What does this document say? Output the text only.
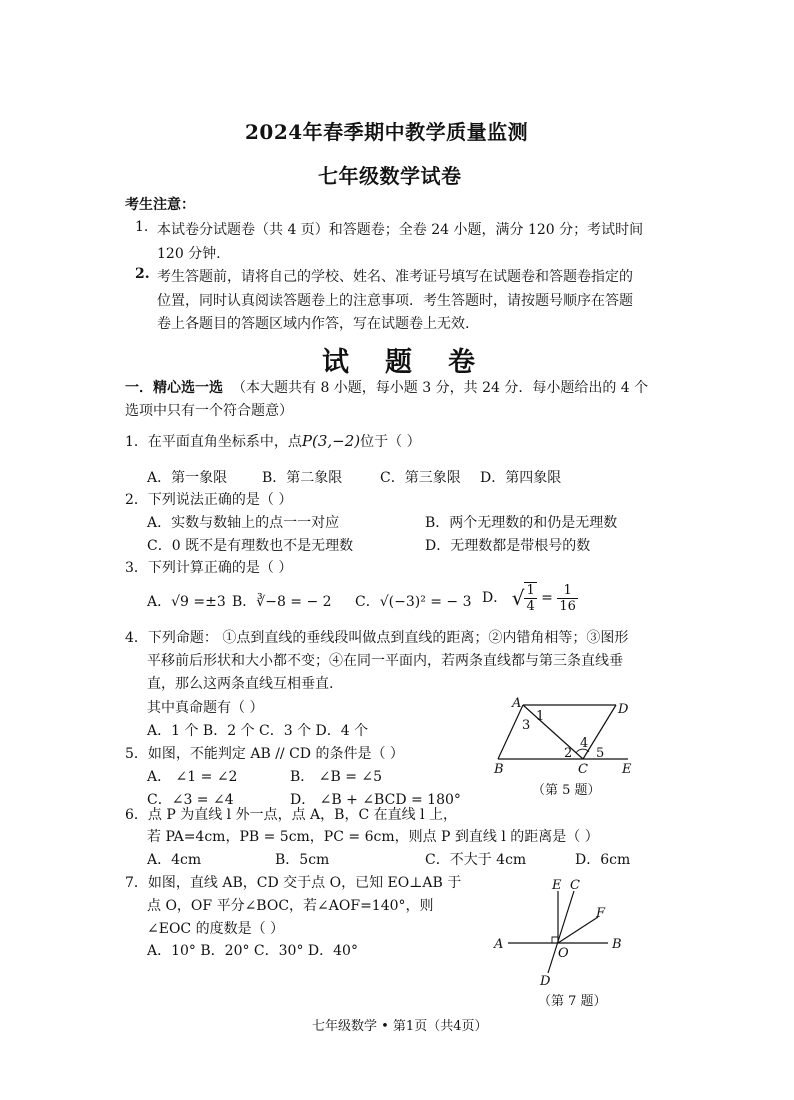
2024年春季期中教学质量监测
七年级数学试卷
考生注意：
1. 本试卷分试题卷（共 4 页）和答题卷；全卷 24 小题，满分 120 分；考试时间
120 分钟.
2. 考生答题前，请将自己的学校、姓名、准考证号填写在试题卷和答题卷指定的
位置，同时认真阅读答题卷上的注意事项．考生答题时，请按题号顺序在答题
卷上各题目的答题区域内作答，写在试题卷上无效.
试题卷
一．精心选一选 （本大题共有 8 小题，每小题 3 分，共 24 分．每小题给出的 4 个
选项中只有一个符合题意）
1．在平面直角坐标系中，点P(3,−2)位于（ ）
A．第一象限 B．第二象限	C．第三象限 D．第四象限
2．下列说法正确的是（ ）
A．实数与数轴上的点一一对应	B．两个无理数的和仍是无理数
C．0 既不是有理数也不是无理数	D．无理数都是带根号的数
3．下列计算正确的是（ ）
A．√9 =±3 B．∛−8 = − 2 C．√(−3)² = − 3 D． √ $\frac{1}{4} = \frac{1}{16}$
4．下列命题： ①点到直线的垂线段叫做点到直线的距离；②内错角相等；③图形
平移前后形状和大小都不变；④在同一平面内，若两条直线都与第三条直线垂
直，那么这两条直线互相垂直.
其中真命题有（ ）
A．1 个 B．2 个 C．3 个 D．4 个
5．如图，不能判定 AB // CD 的条件是（ ）
A． ∠1 = ∠2	B． ∠B = ∠5
C．∠3 = ∠4	D． ∠B + ∠BCD = 180°
A	D
B	C	E
1
3
2
4
5
（第 5 题）
6．点 P 为直线 l 外一点，点 A，B，C 在直线 l 上，
若 PA=4cm，PB = 5cm，PC = 6cm，则点 P 到直线 l 的距离是（ ）
A．4cm	B．5cm	C．不大于 4cm	D．6cm
7．如图，直线 AB，CD 交于点 O，已知 EO⊥AB 于
点 O，OF 平分∠BOC，若∠AOF=140°，则
∠EOC 的度数是（ ）
A．10° B．20° C．30° D．40°	A	B
E C
F
O
D
（第 7 题）
七年级数学 • 第1页（共4页）
